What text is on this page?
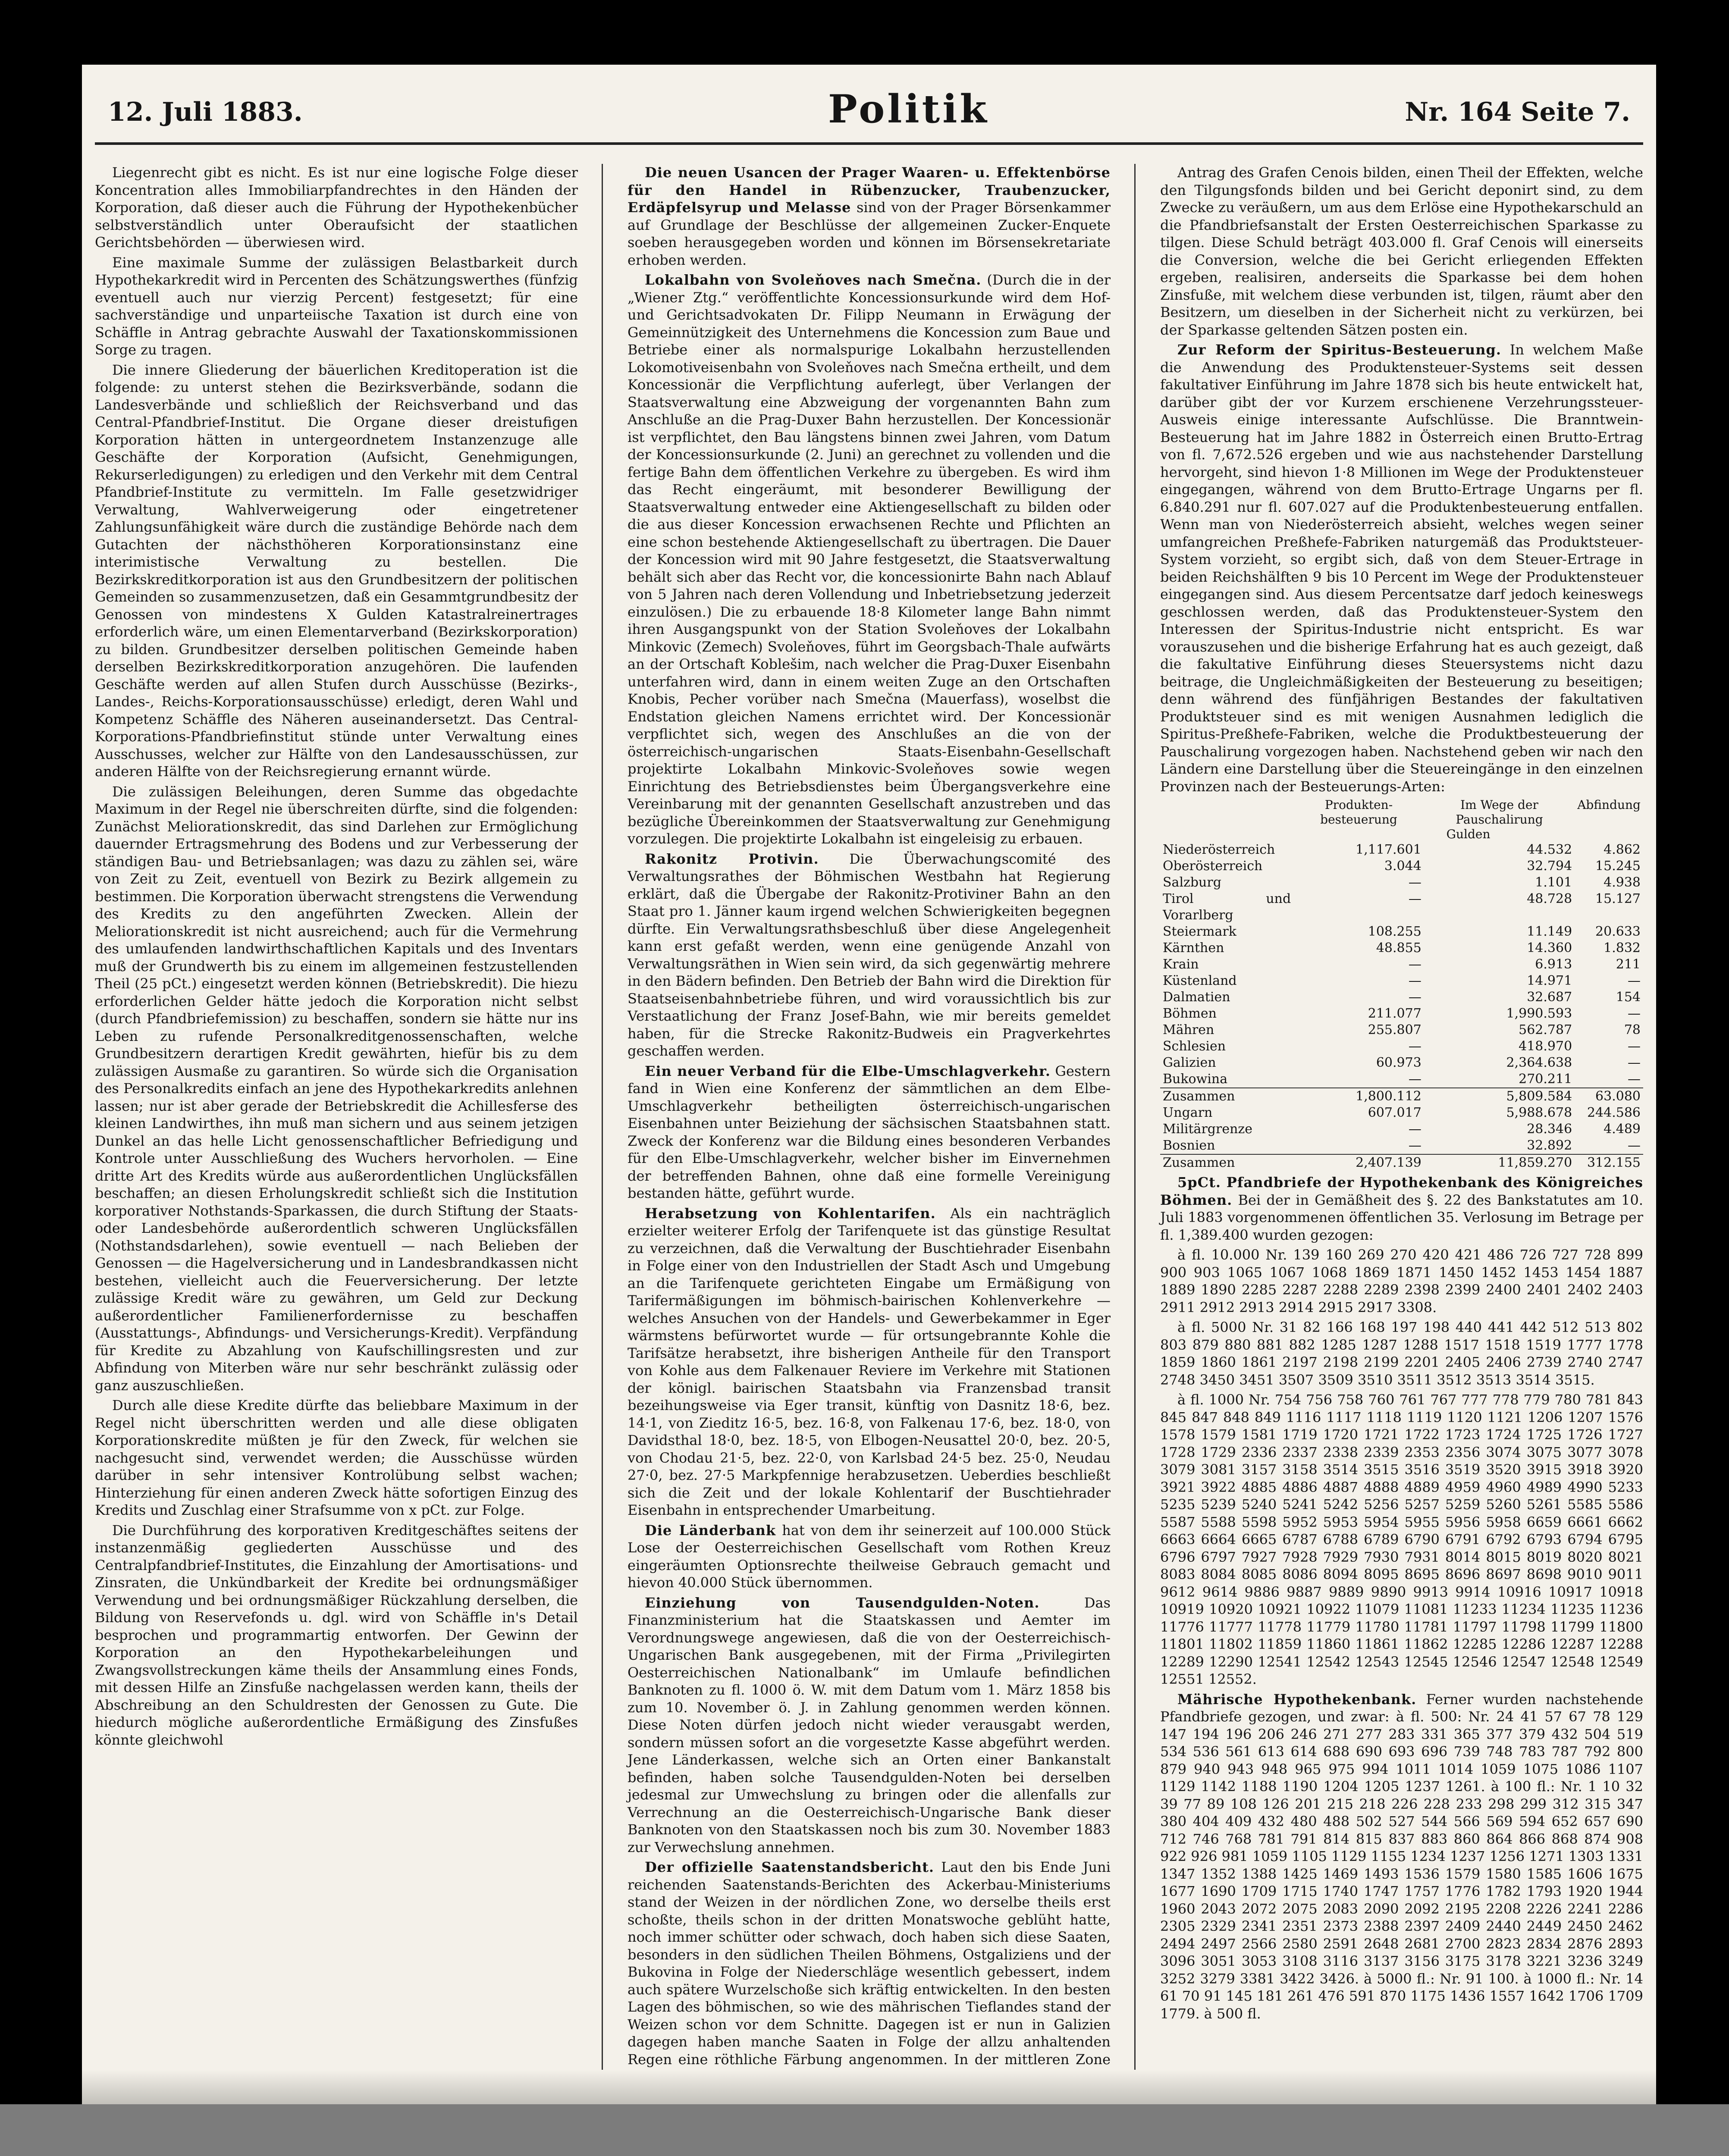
12. Juli 1883.	Politik	Nr. 164 Seite 7.

Liegenrecht gibt es nicht. Es ist nur eine logische Folge dieser Koncentration alles Immobiliarpfandrechtes in den Händen der Korporation, daß dieser auch die Führung der Hypothekenbücher selbstverständlich unter Oberaufsicht der staatlichen Gerichtsbehörden — überwiesen wird.

Eine maximale Summe der zulässigen Belastbarkeit durch Hypothekarkredit wird in Percenten des Schätzungswerthes (fünfzig eventuell auch nur vierzig Percent) festgesetzt; für eine sachverständige und unparteiische Taxation ist durch eine von Schäffle in Antrag gebrachte Auswahl der Taxationskommissionen Sorge zu tragen.

Die innere Gliederung der bäuerlichen Kreditoperation ist die folgende: zu unterst stehen die Bezirksverbände, sodann die Landesverbände und schließlich der Reichsverband und das Central-Pfandbrief-Institut. Die Organe dieser dreistufigen Korporation hätten in untergeordnetem Instanzenzuge alle Geschäfte der Korporation (Aufsicht, Genehmigungen, Rekurserledigungen) zu erledigen und den Verkehr mit dem Central Pfandbrief-Institute zu vermitteln. Im Falle gesetzwidriger Verwaltung, Wahlverweigerung oder eingetretener Zahlungsunfähigkeit wäre durch die zuständige Behörde nach dem Gutachten der nächsthöheren Korporationsinstanz eine interimistische Verwaltung zu bestellen. Die Bezirkskreditkorporation ist aus den Grundbesitzern der politischen Gemeinden so zusammenzusetzen, daß ein Gesammtgrundbesitz der Genossen von mindestens X Gulden Katastralreinertrages erforderlich wäre, um einen Elementarverband (Bezirkskorporation) zu bilden. Grundbesitzer derselben politischen Gemeinde haben derselben Bezirkskreditkorporation anzugehören. Die laufenden Geschäfte werden auf allen Stufen durch Ausschüsse (Bezirks-, Landes-, Reichs-Korporationsausschüsse) erledigt, deren Wahl und Kompetenz Schäffle des Näheren auseinandersetzt. Das Central-Korporations-Pfandbriefinstitut stünde unter Verwaltung eines Ausschusses, welcher zur Hälfte von den Landesausschüssen, zur anderen Hälfte von der Reichsregierung ernannt würde.

Die zulässigen Beleihungen, deren Summe das obgedachte Maximum in der Regel nie überschreiten dürfte, sind die folgenden: Zunächst Meliorationskredit, das sind Darlehen zur Ermöglichung dauernder Ertragsmehrung des Bodens und zur Verbesserung der ständigen Bau- und Betriebsanlagen; was dazu zu zählen sei, wäre von Zeit zu Zeit, eventuell von Bezirk zu Bezirk allgemein zu bestimmen. Die Korporation überwacht strengstens die Verwendung des Kredits zu den angeführten Zwecken. Allein der Meliorationskredit ist nicht ausreichend; auch für die Vermehrung des umlaufenden landwirthschaftlichen Kapitals und des Inventars muß der Grundwerth bis zu einem im allgemeinen festzustellenden Theil (25 pCt.) eingesetzt werden können (Betriebskredit). Die hiezu erforderlichen Gelder hätte jedoch die Korporation nicht selbst (durch Pfandbriefemission) zu beschaffen, sondern sie hätte nur ins Leben zu rufende Personalkreditgenossenschaften, welche Grundbesitzern derartigen Kredit gewährten, hiefür bis zu dem zulässigen Ausmaße zu garantiren. So würde sich die Organisation des Personalkredits einfach an jene des Hypothekarkredits anlehnen lassen; nur ist aber gerade der Betriebskredit die Achillesferse des kleinen Landwirthes, ihn muß man sichern und aus seinem jetzigen Dunkel an das helle Licht genossenschaftlicher Befriedigung und Kontrole unter Ausschließung des Wuchers hervorholen. — Eine dritte Art des Kredits würde aus außerordentlichen Unglücksfällen beschaffen; an diesen Erholungskredit schließt sich die Institution korporativer Nothstands-Sparkassen, die durch Stiftung der Staats- oder Landesbehörde außerordentlich schweren Unglücksfällen (Nothstandsdarlehen), sowie eventuell — nach Belieben der Genossen — die Hagelversicherung und in Landesbrandkassen nicht bestehen, vielleicht auch die Feuerversicherung. Der letzte zulässige Kredit wäre zu gewähren, um Geld zur Deckung außerordentlicher Familienerfordernisse zu beschaffen (Ausstattungs-, Abfindungs- und Versicherungs-Kredit). Verpfändung für Kredite zu Abzahlung von Kaufschillingsresten und zur Abfindung von Miterben wäre nur sehr beschränkt zulässig oder ganz auszuschließen.

Durch alle diese Kredite dürfte das beliebbare Maximum in der Regel nicht überschritten werden und alle diese obligaten Korporationskredite müßten je für den Zweck, für welchen sie nachgesucht sind, verwendet werden; die Ausschüsse würden darüber in sehr intensiver Kontrolübung selbst wachen; Hinterziehung für einen anderen Zweck hätte sofortigen Einzug des Kredits und Zuschlag einer Strafsumme von x pCt. zur Folge.

Die Durchführung des korporativen Kreditgeschäftes seitens der instanzenmäßig gegliederten Ausschüsse und des Centralpfandbrief-Institutes, die Einzahlung der Amortisations- und Zinsraten, die Unkündbarkeit der Kredite bei ordnungsmäßiger Verwendung und bei ordnungsmäßiger Rückzahlung derselben, die Bildung von Reservefonds u. dgl. wird von Schäffle in's Detail besprochen und programmartig entworfen. Der Gewinn der Korporation an den Hypothekarbeleihungen und Zwangsvollstreckungen käme theils der Ansammlung eines Fonds, mit dessen Hilfe an Zinsfuße nachgelassen werden kann, theils der Abschreibung an den Schuldresten der Genossen zu Gute. Die hiedurch mögliche außerordentliche Ermäßigung des Zinsfußes könnte gleichwohl

Die neuen Usancen der Prager Waaren- u. Effektenbörse für den Handel in Rübenzucker, Traubenzucker, Erdäpfelsyrup und Melasse sind von der Prager Börsenkammer auf Grundlage der Beschlüsse der allgemeinen Zucker-Enquete soeben herausgegeben worden und können im Börsensekretariate erhoben werden.

Lokalbahn von Svoleňoves nach Smečna. (Durch die in der „Wiener Ztg.“ veröffentlichte Koncessionsurkunde wird dem Hof- und Gerichtsadvokaten Dr. Filipp Neumann in Erwägung der Gemeinnützigkeit des Unternehmens die Koncession zum Baue und Betriebe einer als normalspurige Lokalbahn herzustellenden Lokomotiveisenbahn von Svoleňoves nach Smečna ertheilt, und dem Koncessionär die Verpflichtung auferlegt, über Verlangen der Staatsverwaltung eine Abzweigung der vorgenannten Bahn zum Anschluße an die Prag-Duxer Bahn herzustellen. Der Koncessionär ist verpflichtet, den Bau längstens binnen zwei Jahren, vom Datum der Koncessionsurkunde (2. Juni) an gerechnet zu vollenden und die fertige Bahn dem öffentlichen Verkehre zu übergeben. Es wird ihm das Recht eingeräumt, mit besonderer Bewilligung der Staatsverwaltung entweder eine Aktiengesellschaft zu bilden oder die aus dieser Koncession erwachsenen Rechte und Pflichten an eine schon bestehende Aktiengesellschaft zu übertragen. Die Dauer der Koncession wird mit 90 Jahre festgesetzt, die Staatsverwaltung behält sich aber das Recht vor, die koncessionirte Bahn nach Ablauf von 5 Jahren nach deren Vollendung und Inbetriebsetzung jederzeit einzulösen.) Die zu erbauende 18·8 Kilometer lange Bahn nimmt ihren Ausgangspunkt von der Station Svoleňoves der Lokalbahn Minkovic (Zemech) Svoleňoves, führt im Georgsbach-Thale aufwärts an der Ortschaft Koblešim, nach welcher die Prag-Duxer Eisenbahn unterfahren wird, dann in einem weiten Zuge an den Ortschaften Knobis, Pecher vorüber nach Smečna (Mauerfass), woselbst die Endstation gleichen Namens errichtet wird. Der Koncessionär verpflichtet sich, wegen des Anschlußes an die von der österreichisch-ungarischen Staats-Eisenbahn-Gesellschaft projektirte Lokalbahn Minkovic-Svoleňoves sowie wegen Einrichtung des Betriebsdienstes beim Übergangsverkehre eine Vereinbarung mit der genannten Gesellschaft anzustreben und das bezügliche Übereinkommen der Staatsverwaltung zur Genehmigung vorzulegen. Die projektirte Lokalbahn ist eingeleisig zu erbauen.

Rakonitz Protivin. Die Überwachungscomité des Verwaltungsrathes der Böhmischen Westbahn hat Regierung erklärt, daß die Übergabe der Rakonitz-Protiviner Bahn an den Staat pro 1. Jänner kaum irgend welchen Schwierigkeiten begegnen dürfte. Ein Verwaltungsrathsbeschluß über diese Angelegenheit kann erst gefaßt werden, wenn eine genügende Anzahl von Verwaltungsräthen in Wien sein wird, da sich gegenwärtig mehrere in den Bädern befinden. Den Betrieb der Bahn wird die Direktion für Staatseisenbahnbetriebe führen, und wird voraussichtlich bis zur Verstaatlichung der Franz Josef-Bahn, wie mir bereits gemeldet haben, für die Strecke Rakonitz-Budweis ein Pragverkehrtes geschaffen werden.

Ein neuer Verband für die Elbe-Umschlagverkehr. Gestern fand in Wien eine Konferenz der sämmtlichen an dem Elbe-Umschlagverkehr betheiligten österreichisch-ungarischen Eisenbahnen unter Beiziehung der sächsischen Staatsbahnen statt. Zweck der Konferenz war die Bildung eines besonderen Verbandes für den Elbe-Umschlagverkehr, welcher bisher im Einvernehmen der betreffenden Bahnen, ohne daß eine formelle Vereinigung bestanden hätte, geführt wurde.

Herabsetzung von Kohlentarifen. Als ein nachträglich erzielter weiterer Erfolg der Tarifenquete ist das günstige Resultat zu verzeichnen, daß die Verwaltung der Buschtiehrader Eisenbahn in Folge einer von den Industriellen der Stadt Asch und Umgebung an die Tarifenquete gerichteten Eingabe um Ermäßigung von Tarifermäßigungen im böhmisch-bairischen Kohlenverkehre — welches Ansuchen von der Handels- und Gewerbekammer in Eger wärmstens befürwortet wurde — für ortsungebrannte Kohle die Tarifsätze herabsetzt, ihre bisherigen Antheile für den Transport von Kohle aus dem Falkenauer Reviere im Verkehre mit Stationen der königl. bairischen Staatsbahn via Franzensbad transit bezeihungsweise via Eger transit, künftig von Dasnitz 18·6, bez. 14·1, von Zieditz 16·5, bez. 16·8, von Falkenau 17·6, bez. 18·0, von Davidsthal 18·0, bez. 18·5, von Elbogen-Neusattel 20·0, bez. 20·5, von Chodau 21·5, bez. 22·0, von Karlsbad 24·5 bez. 25·0, Neudau 27·0, bez. 27·5 Markpfennige herabzusetzen. Ueberdies beschließt sich die Zeit und der lokale Kohlentarif der Buschtiehrader Eisenbahn in entsprechender Umarbeitung.

Die Länderbank hat von dem ihr seinerzeit auf 100.000 Stück Lose der Oesterreichischen Gesellschaft vom Rothen Kreuz eingeräumten Optionsrechte theilweise Gebrauch gemacht und hievon 40.000 Stück übernommen.

Einziehung von Tausendgulden-Noten.	Das Finanzministerium hat die Staatskassen und Aemter im Verordnungswege angewiesen, daß die von der Oesterreichisch-Ungarischen Bank ausgegebenen, mit der Firma „Privilegirten Oesterreichischen Nationalbank“ im Umlaufe befindlichen Banknoten zu fl. 1000 ö. W. mit dem Datum vom 1. März 1858 bis zum 10. November ö. J. in Zahlung genommen werden können. Diese Noten dürfen jedoch nicht wieder verausgabt werden, sondern müssen sofort an die vorgesetzte Kasse abgeführt werden. Jene Länderkassen, welche sich an Orten einer Bankanstalt befinden, haben solche Tausendgulden-Noten bei derselben jedesmal zur Umwechslung zu bringen oder die allenfalls zur Verrechnung an die Oesterreichisch-Ungarische Bank dieser Banknoten von den Staatskassen noch bis zum 30. November 1883 zur Verwechslung annehmen.

Der offizielle Saatenstandsbericht. Laut den bis Ende Juni reichenden Saatenstands-Berichten des Ackerbau-Ministeriums stand der Weizen in der nördlichen Zone, wo derselbe theils erst schoßte, theils schon in der dritten Monatswoche geblüht hatte, noch immer schütter oder schwach, doch haben sich diese Saaten, besonders in den südlichen Theilen Böhmens, Ostgaliziens und der Bukovina in Folge der Niederschläge wesentlich gebessert, indem auch spätere Wurzelschoße sich kräftig entwickelten. In den besten Lagen des böhmischen, so wie des mährischen Tieflandes stand der Weizen schon vor dem Schnitte. Dagegen ist er nun in Galizien dagegen haben manche Saaten in Folge der allzu anhaltenden Regen eine röthliche Färbung angenommen. In der mittleren Zone

Antrag des Grafen Cenois bilden, einen Theil der Effekten, welche den Tilgungsfonds bilden und bei Gericht deponirt sind, zu dem Zwecke zu veräußern, um aus dem Erlöse eine Hypothekarschuld an die Pfandbriefsanstalt der Ersten Oesterreichischen Sparkasse zu tilgen. Diese Schuld beträgt 403.000 fl. Graf Cenois will einerseits die Conversion, welche die bei Gericht erliegenden Effekten ergeben, realisiren, anderseits die Sparkasse bei dem hohen Zinsfuße, mit welchem diese verbunden ist, tilgen, räumt aber den Besitzern, um dieselben in der Sicherheit nicht zu verkürzen, bei der Sparkasse geltenden Sätzen posten ein.

Zur Reform der Spiritus-Besteuerung. In welchem Maße die Anwendung des Produktensteuer-Systems seit dessen fakultativer Einführung im Jahre 1878 sich bis heute entwickelt hat, darüber gibt der vor Kurzem erschienene Verzehrungssteuer-Ausweis einige interessante Aufschlüsse. Die Branntwein-Besteuerung hat im Jahre 1882 in Österreich einen Brutto-Ertrag von fl. 7,672.526 ergeben und wie aus nachstehender Darstellung hervorgeht, sind hievon 1·8 Millionen im Wege der Produktensteuer eingegangen, während von dem Brutto-Ertrage Ungarns per fl. 6.840.291 nur fl. 607.027 auf die Produktenbesteuerung entfallen. Wenn man von Niederösterreich absieht, welches wegen seiner umfangreichen Preßhefe-Fabriken naturgemäß das Produktsteuer-System vorzieht, so ergibt sich, daß von dem Steuer-Ertrage in beiden Reichshälften 9 bis 10 Percent im Wege der Produktensteuer eingegangen sind. Aus diesem Percentsatze darf jedoch keineswegs geschlossen werden, daß das Produktensteuer-System den Interessen der Spiritus-Industrie nicht entspricht. Es war vorauszusehen und die bisherige Erfahrung hat es auch gezeigt, daß die fakultative Einführung dieses Steuersystems nicht dazu beitrage, die Ungleichmäßigkeiten der Besteuerung zu beseitigen; denn während des fünfjährigen Bestandes der fakultativen Produktsteuer sind es mit wenigen Ausnahmen lediglich die Spiritus-Preßhefe-Fabriken, welche die Produktbesteuerung der Pauschalirung vorgezogen haben. Nachstehend geben wir nach den Ländern eine Darstellung über die Steuereingänge in den einzelnen Provinzen nach der Besteuerungs-Arten:

	Produkten-besteuerung	Im Wege der Pauschalirung	Abfindung
	Gulden		
Niederösterreich	1,117.601	44.532	4.862
Oberösterreich	3.044	32.794	15.245
Salzburg	—	1.101	4.938
Tirol und Vorarlberg	—	48.728	15.127
Steiermark	108.255	11.149	20.633
Kärnthen	48.855	14.360	1.832
Krain	—	6.913	211
Küstenland	—	14.971	—
Dalmatien	—	32.687	154
Böhmen	211.077	1,990.593	—
Mähren	255.807	562.787	78
Schlesien	—	418.970	—
Galizien	60.973	2,364.638	—
Bukowina	—	270.211	—
Zusammen	1,800.112	5,809.584	63.080
Ungarn	607.017	5,988.678	244.586
Militärgrenze	—	28.346	4.489
Bosnien	—	32.892	—
Zusammen	2,407.139	11,859.270	312.155

5pCt. Pfandbriefe der Hypothekenbank des Königreiches Böhmen. Bei der in Gemäßheit des §. 22 des Bankstatutes am 10. Juli 1883 vorgenommenen öffentlichen 35. Verlosung im Betrage per fl. 1,389.400 wurden gezogen:

à fl. 10.000 Nr. 139 160 269 270 420 421 486 726 727 728 899 900 903 1065 1067 1068 1869 1871 1450 1452 1453 1454 1887 1889 1890 2285 2287 2288 2289 2398 2399 2400 2401 2402 2403 2911 2912 2913 2914 2915 2917 3308.

à fl. 5000 Nr. 31 82 166 168 197 198 440 441 442 512 513 802 803 879 880 881 882 1285 1287 1288 1517 1518 1519 1777 1778 1859 1860 1861 2197 2198 2199 2201 2405 2406 2739 2740 2747 2748 3450 3451 3507 3509 3510 3511 3512 3513 3514 3515.

à fl. 1000 Nr. 754 756 758 760 761 767 777 778 779 780 781 843 845 847 848 849 1116 1117 1118 1119 1120 1121 1206 1207 1576 1578 1579 1581 1719 1720 1721 1722 1723 1724 1725 1726 1727 1728 1729 2336 2337 2338 2339 2353 2356 3074 3075 3077 3078 3079 3081 3157 3158 3514 3515 3516 3519 3520 3915 3918 3920 3921 3922 4885 4886 4887 4888 4889 4959 4960 4989 4990 5233 5235 5239 5240 5241 5242 5256 5257 5259 5260 5261 5585 5586 5587 5588 5598 5952 5953 5954 5955 5956 5958 6659 6661 6662 6663 6664 6665 6787 6788 6789 6790 6791 6792 6793 6794 6795 6796 6797 7927 7928 7929 7930 7931 8014 8015 8019 8020 8021 8083 8084 8085 8086 8094 8095 8695 8696 8697 8698 9010 9011 9612 9614 9886 9887 9889 9890 9913 9914 10916 10917 10918 10919 10920 10921 10922 11079 11081 11233 11234 11235 11236 11776 11777 11778 11779 11780 11781 11797 11798 11799 11800 11801 11802 11859 11860 11861 11862 12285 12286 12287 12288 12289 12290 12541 12542 12543 12545 12546 12547 12548 12549 12551 12552.

Mährische Hypothekenbank. Ferner wurden nachstehende Pfandbriefe gezogen, und zwar: à fl. 500: Nr. 24 41 57 67 78 129 147 194 196 206 246 271 277 283 331 365 377 379 432 504 519 534 536 561 613 614 688 690 693 696 739 748 783 787 792 800 879 940 943 948 965 975 994 1011 1014 1059 1075 1086 1107 1129 1142 1188 1190 1204 1205 1237 1261. à 100 fl.: Nr. 1 10 32 39 77 89 108 126 201 215 218 226 228 233 298 299 312 315 347 380 404 409 432 480 488 502 527 544 566 569 594 652 657 690 712 746 768 781 791 814 815 837 883 860 864 866 868 874 908 922 926 981 1059 1105 1129 1155 1234 1237 1256 1271 1303 1331 1347 1352 1388 1425 1469 1493 1536 1579 1580 1585 1606 1675 1677 1690 1709 1715 1740 1747 1757 1776 1782 1793 1920 1944 1960 2043 2072 2075 2083 2090 2092 2195 2208 2226 2241 2286 2305 2329 2341 2351 2373 2388 2397 2409 2440 2449 2450 2462 2494 2497 2566 2580 2591 2648 2681 2700 2823 2834 2876 2893 3096 3051 3053 3108 3116 3137 3156 3175 3178 3221 3236 3249 3252 3279 3381 3422 3426. à 5000 fl.: Nr. 91 100. à 1000 fl.: Nr. 14 61 70 91 145 181 261 476 591 870 1175 1436 1557 1642 1706 1709 1779. à 500 fl.
